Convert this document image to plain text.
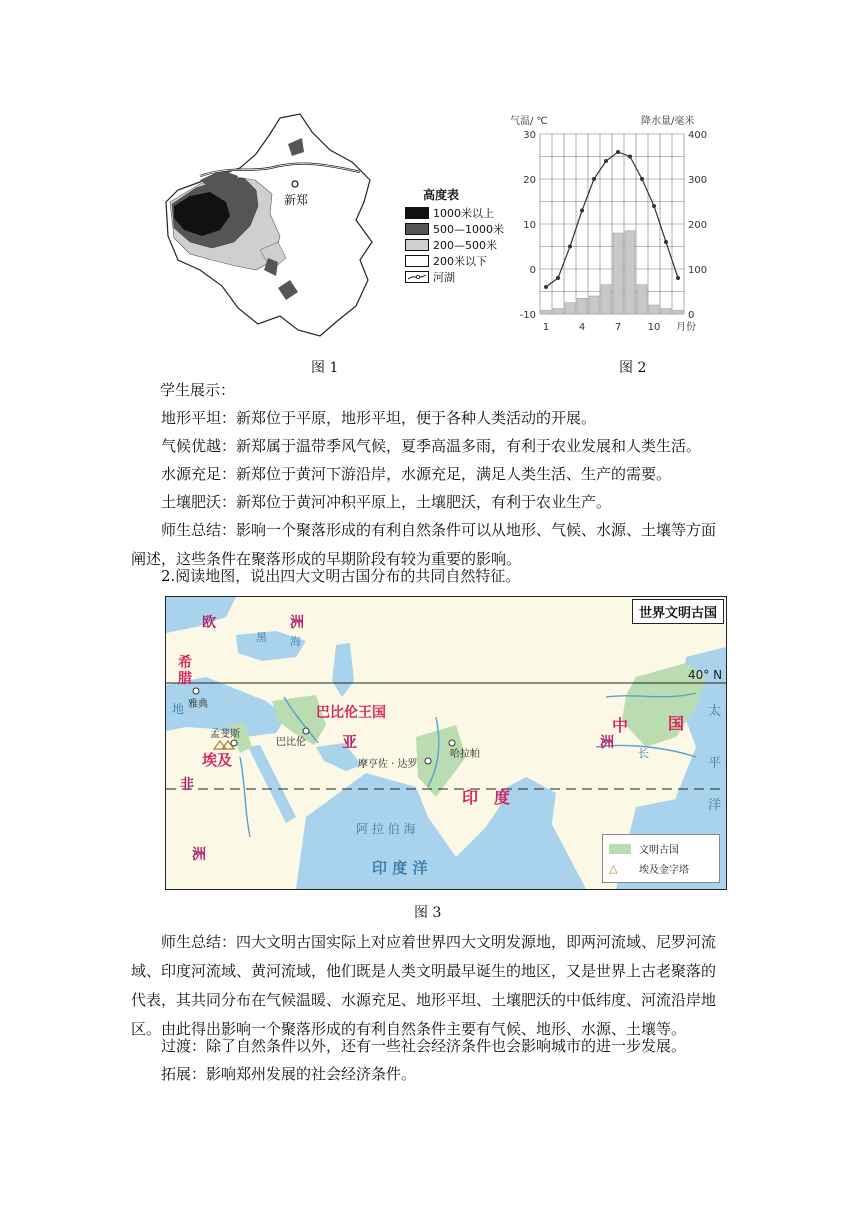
新郑	高度表
1000米以上
500—1000米
200—500米
200米以下
河湖
气温/ ℃	降水量/毫米
-10
0
10
20
30
0
100
200
300
400
1	4	7	10 月份
图 1	图 2
学生展示：
地形平坦：新郑位于平原，地形平坦，便于各种人类活动的开展。
气候优越：新郑属于温带季风气候，夏季高温多雨，有利于农业发展和人类生活。
水源充足：新郑位于黄河下游沿岸，水源充足，满足人类生活、生产的需要。
土壤肥沃：新郑位于黄河冲积平原上，土壤肥沃，有利于农业生产。
师生总结：影响一个聚落形成的有利自然条件可以从地形、气候、水源、土壤等方面阐述，这些条件在聚落形成的早期阶段有较为重要的影响。
2.阅读地图，说出四大文明古国分布的共同自然特征。
欧	洲
黑 海
希
腊
雅典
地	巴比伦王国
巴比伦 亚	洲
孟斐斯
埃及
非
洲
摩亨佐 · 达罗
哈拉帕
印 度
中 国
长
阿 拉 伯 海
印 度 洋
太
平
洋
40° N
世界文明古国
文明古国
△	埃及金字塔
图 3
师生总结：四大文明古国实际上对应着世界四大文明发源地，即两河流域、尼罗河流域、印度河流域、黄河流域，他们既是人类文明最早诞生的地区，又是世界上古老聚落的代表，其共同分布在气候温暖、水源充足、地形平坦、土壤肥沃的中低纬度、河流沿岸地区。由此得出影响一个聚落形成的有利自然条件主要有气候、地形、水源、土壤等。
过渡：除了自然条件以外，还有一些社会经济条件也会影响城市的进一步发展。
拓展：影响郑州发展的社会经济条件。
